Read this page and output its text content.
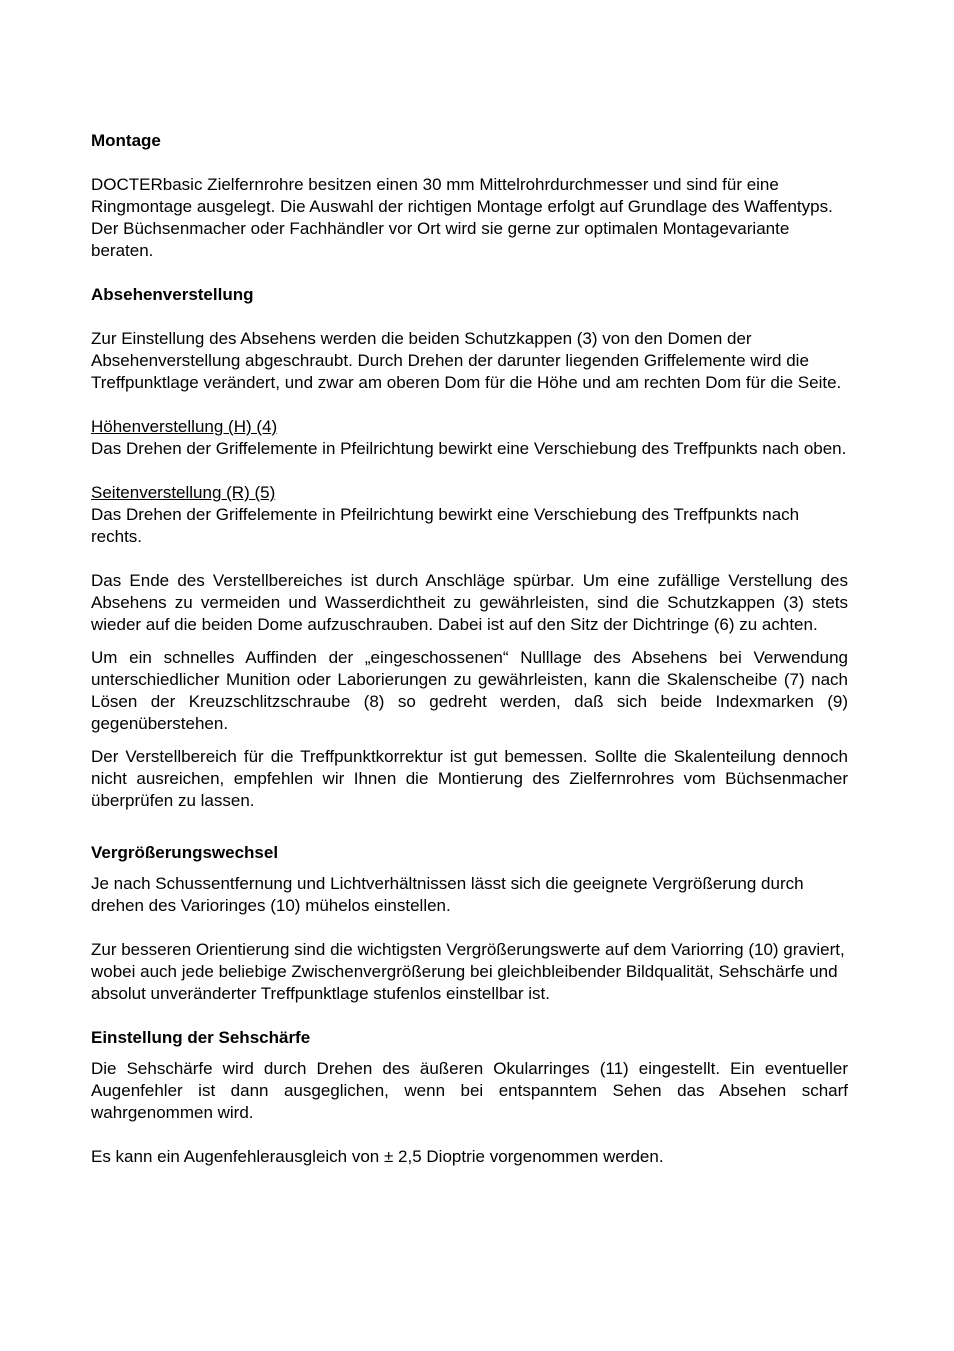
Montage

DOCTERbasic Zielfernrohre besitzen einen 30 mm Mittelrohrdurchmesser und sind für eine Ringmontage ausgelegt. Die Auswahl der richtigen Montage erfolgt auf Grundlage des Waffentyps. Der Büchsenmacher oder Fachhändler vor Ort wird sie gerne zur optimalen Montagevariante beraten.

Absehenverstellung

Zur Einstellung des Absehens werden die beiden Schutzkappen (3) von den Domen der Absehenverstellung abgeschraubt. Durch Drehen der darunter liegenden Griffelemente wird die Treffpunktlage verändert, und zwar am oberen Dom für die Höhe und am rechten Dom für die Seite.

Höhenverstellung (H) (4)

Das Drehen der Griffelemente in Pfeilrichtung bewirkt eine Verschiebung des Treffpunkts nach oben.

Seitenverstellung (R) (5)

Das Drehen der Griffelemente in Pfeilrichtung bewirkt eine Verschiebung des Treffpunkts nach rechts.

Das Ende des Verstellbereiches ist durch Anschläge spürbar. Um eine zufällige Verstellung des Absehens zu vermeiden und Wasserdichtheit zu gewährleisten, sind die Schutzkappen (3) stets wieder auf die beiden Dome aufzuschrauben. Dabei ist auf den Sitz der Dichtringe (6) zu achten.

Um ein schnelles Auffinden der „eingeschossenen“ Nulllage des Absehens bei Verwendung unterschiedlicher Munition oder Laborierungen zu gewährleisten, kann die Skalenscheibe (7) nach Lösen der Kreuzschlitzschraube (8) so gedreht werden, daß sich beide Indexmarken (9) gegenüberstehen.

Der Verstellbereich für die Treffpunktkorrektur ist gut bemessen. Sollte die Skalenteilung dennoch nicht ausreichen, empfehlen wir Ihnen die Montierung des Zielfernrohres vom Büchsenmacher überprüfen zu lassen.

Vergrößerungswechsel

Je nach Schussentfernung und Lichtverhältnissen lässt sich die geeignete Vergrößerung durch drehen des Varioringes (10) mühelos einstellen.

Zur besseren Orientierung sind die wichtigsten Vergrößerungswerte auf dem Variorring (10) graviert, wobei auch jede beliebige Zwischenvergrößerung bei gleichbleibender Bildqualität, Sehschärfe und absolut unveränderter Treffpunktlage stufenlos einstellbar ist.

Einstellung der Sehschärfe

Die Sehschärfe wird durch Drehen des äußeren Okularringes (11) eingestellt. Ein eventueller Augenfehler ist dann ausgeglichen, wenn bei entspanntem Sehen das Absehen scharf wahrgenommen wird.

Es kann ein Augenfehlerausgleich von ± 2,5 Dioptrie vorgenommen werden.
